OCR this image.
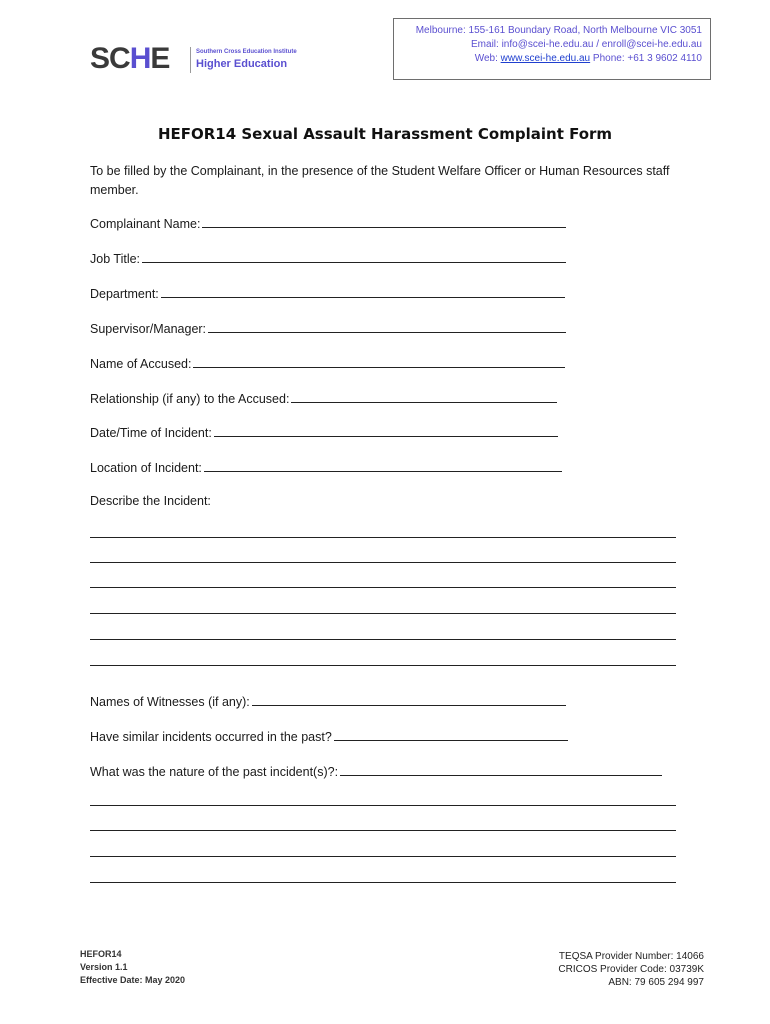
SCHE	Southern Cross Education Institute
Higher Education
Melbourne: 155-161 Boundary Road, North Melbourne VIC 3051
Email: info@scei-he.edu.au / enroll@scei-he.edu.au
Web: www.scei-he.edu.au Phone: +61 3 9602 4110
HEFOR14 Sexual Assault Harassment Complaint Form
To be filled by the Complainant, in the presence of the Student Welfare Officer or Human Resources staff member.
Complainant Name:
Job Title:
Department:
Supervisor/Manager:
Name of Accused:
Relationship (if any) to the Accused:
Date/Time of Incident:
Location of Incident:
Describe the Incident:
Names of Witnesses (if any):
Have similar incidents occurred in the past?
What was the nature of the past incident(s)?:
HEFOR14
Version 1.1
Effective Date: May 2020
TEQSA Provider Number: 14066
CRICOS Provider Code: 03739K
ABN: 79 605 294 997
